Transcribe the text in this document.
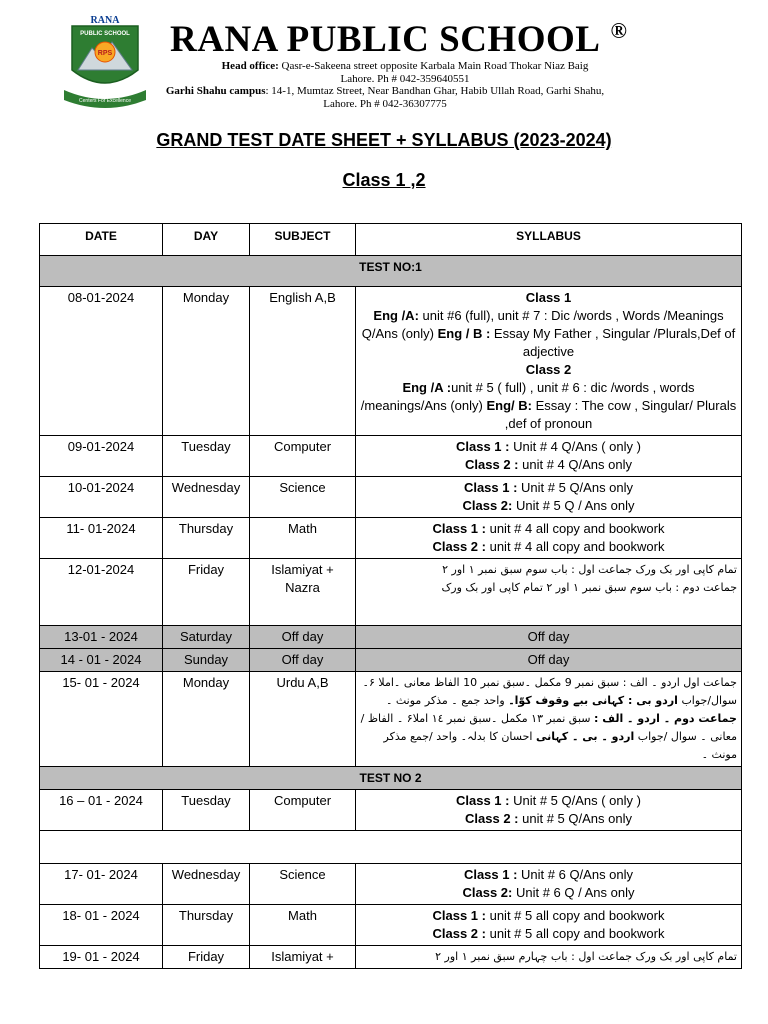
RANA
PUBLIC SCHOOL
RPS
Centers For Excellence
RANA PUBLIC SCHOOL ®
Head office: Qasr-e-Sakeena street opposite Karbala Main Road Thokar Niaz Baig
Lahore. Ph # 042-359640551
Garhi Shahu campus: 14-1, Mumtaz Street, Near Bandhan Ghar, Habib Ullah Road, Garhi Shahu,
Lahore. Ph # 042-36307775
GRAND TEST DATE SHEET + SYLLABUS (2023-2024)
Class 1 ,2
DATE	DAY	SUBJECT	SYLLABUS
TEST NO:1			
08-01-2024	Monday	English A,B	Class 1
Eng /A: unit #6 (full), unit # 7 : Dic /words , Words /Meanings Q/Ans (only) Eng / B : Essay My Father , Singular /Plurals,Def of adjective
Class 2
Eng /A :unit # 5 ( full) , unit # 6 : dic /words , words /meanings/Ans (only) Eng/ B: Essay : The cow , Singular/ Plurals ,def of pronoun
09-01-2024	Tuesday	Computer	Class 1 : Unit # 4 Q/Ans ( only )
Class 2 : unit # 4 Q/Ans only
10-01-2024	Wednesday	Science	Class 1 : Unit # 5 Q/Ans only
Class 2: Unit # 5 Q / Ans only
11- 01-2024	Thursday	Math	Class 1 : unit # 4 all copy and bookwork
Class 2 : unit # 4 all copy and bookwork
12-01-2024	Friday	Islamiyat + Nazra	تمام کاپی اور بک ورک جماعت اول : باب سوم سبق نمبر ۱ اور ۲
جماعت دوم : باب سوم سبق نمبر ۱ اور ۲ تمام کاپی اور بک ورک
13-01 - 2024	Saturday	Off day	Off day
14 - 01 - 2024	Sunday	Off day	Off day
15- 01 - 2024	Monday	Urdu A,B	جماعت اول اردو ۔ الف : سبق نمبر 9 مکمل ۔سبق نمبر 10 الفاظ معانی ۔املا ۶۔سوال/جواب اردو بی : کہانی ببے وقوف کوّا۔ واحد جمع ۔ مذکر مونث ۔
جماعت دوم ۔ اردو ۔ الف : سبق نمبر ۱۳ مکمل ۔سبق نمبر ۱٤ املا۶ ۔ الفاظ /معانی ۔ سوال /جواب اردو ۔ بی ۔ کہانی احسان کا بدلہ۔ واحد /جمع مذکر مونث ۔
TEST NO 2			
16 – 01 - 2024	Tuesday	Computer	Class 1 : Unit # 5 Q/Ans ( only )
Class 2 : unit # 5 Q/Ans only

17- 01- 2024	Wednesday	Science	Class 1 : Unit # 6 Q/Ans only
Class 2: Unit # 6 Q / Ans only
18- 01 - 2024	Thursday	Math	Class 1 : unit # 5 all copy and bookwork
Class 2 : unit # 5 all copy and bookwork
19- 01 - 2024	Friday	Islamiyat +	تمام کاپی اور بک ورک جماعت اول : باب چہارم سبق نمبر ۱ اور ۲
